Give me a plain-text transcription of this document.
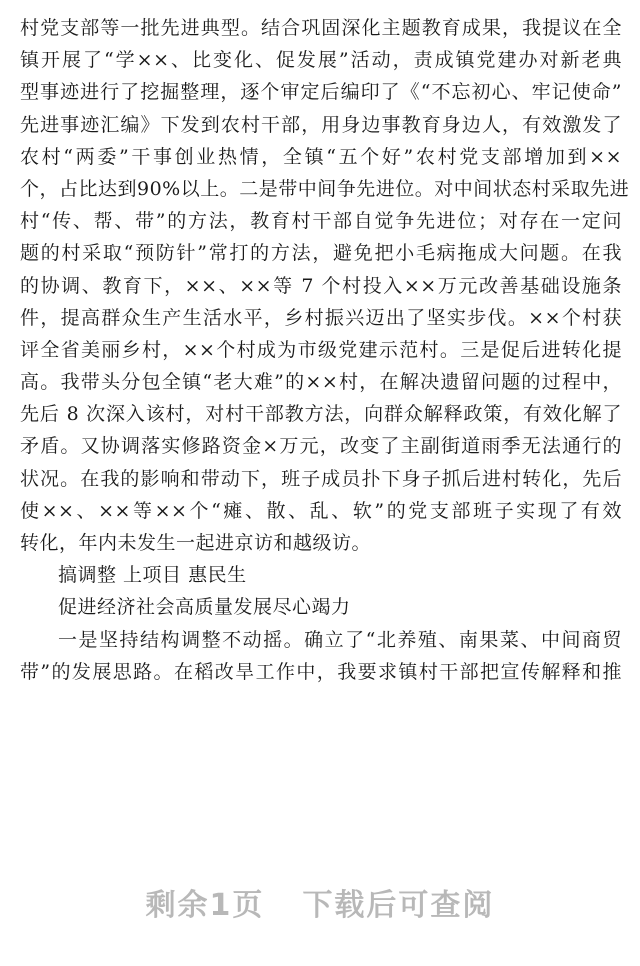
村党支部等一批先进典型。结合巩固深化主题教育成果，我提议在全
镇开展了“学××、比变化、促发展”活动，责成镇党建办对新老典
型事迹进行了挖掘整理，逐个审定后编印了《“不忘初心、牢记使命”
先进事迹汇编》下发到农村干部，用身边事教育身边人，有效激发了
农村“两委”干事创业热情，全镇“五个好”农村党支部增加到××
个，占比达到90%以上。二是带中间争先进位。对中间状态村采取先进
村“传、帮、带”的方法，教育村干部自觉争先进位；对存在一定问
题的村采取“预防针”常打的方法，避免把小毛病拖成大问题。在我
的协调、教育下，××、××等 7 个村投入××万元改善基础设施条
件，提高群众生产生活水平，乡村振兴迈出了坚实步伐。××个村获
评全省美丽乡村，××个村成为市级党建示范村。三是促后进转化提
高。我带头分包全镇“老大难”的××村，在解决遗留问题的过程中，
先后 8 次深入该村，对村干部教方法，向群众解释政策，有效化解了
矛盾。又协调落实修路资金×万元，改变了主副街道雨季无法通行的
状况。在我的影响和带动下，班子成员扑下身子抓后进村转化，先后
使××、××等××个“瘫、散、乱、软”的党支部班子实现了有效
转化，年内未发生一起进京访和越级访。
搞调整 上项目 惠民生
促进经济社会高质量发展尽心竭力
一是坚持结构调整不动摇。确立了“北养殖、南果菜、中间商贸
带”的发展思路。在稻改旱工作中，我要求镇村干部把宣传解释和推
剩余1页 下载后可查阅
